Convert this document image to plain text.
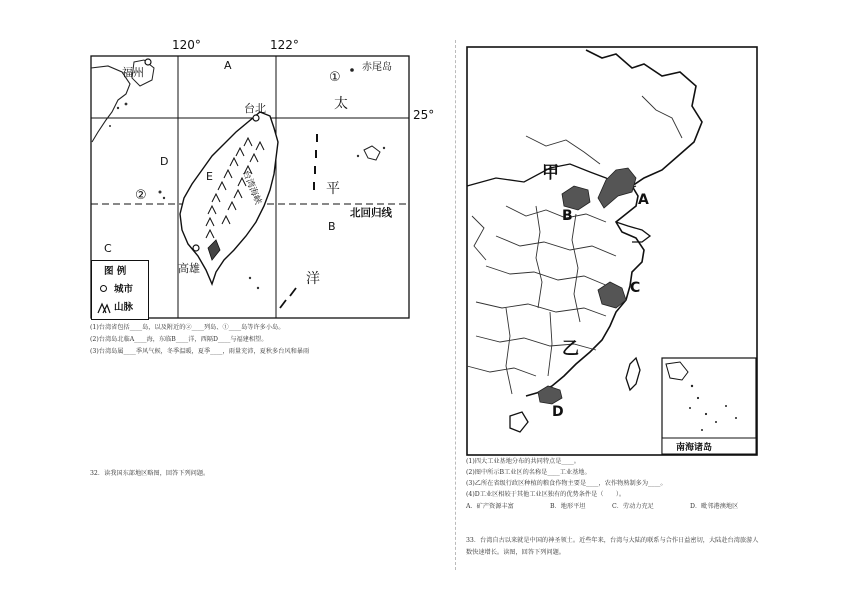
120°	122°
25°
福州
A
①
赤尾岛
太
台北
D
E	台湾海峡	平
②
北回归线
B
C
高雄
洋
图 例
城市
山脉
(1)台湾省包括____岛，以及附近的②____列岛、①____岛等许多小岛。
(2)台湾岛北临A____海，东临B____洋，西隔D____与福建相望。
(3)台湾岛属____季风气候，冬季温暖，夏季____，雨量充沛，夏秋多台风和暴雨
32．读我国东部地区略图，回答下列问题。
甲
乙
A
B
C
D
南海诸岛
(1)四大工业基地分布的共同特点是____。
(2)图中所示B工业区的名称是____工业基地。
(3)乙所在省级行政区种植的粮食作物主要是____，农作物熟制多为____。
(4)D工业区相较于其他工业区独有的优势条件是（　　）。
A．矿产资源丰富	B．地形平坦	C．劳动力充足	D．毗邻港澳地区
33．台湾自古以来就是中国的神圣领土。近些年来，台湾与大陆的联系与合作日益密切，大陆赴台湾旅游人
数快速增长。读图，回答下列问题。
